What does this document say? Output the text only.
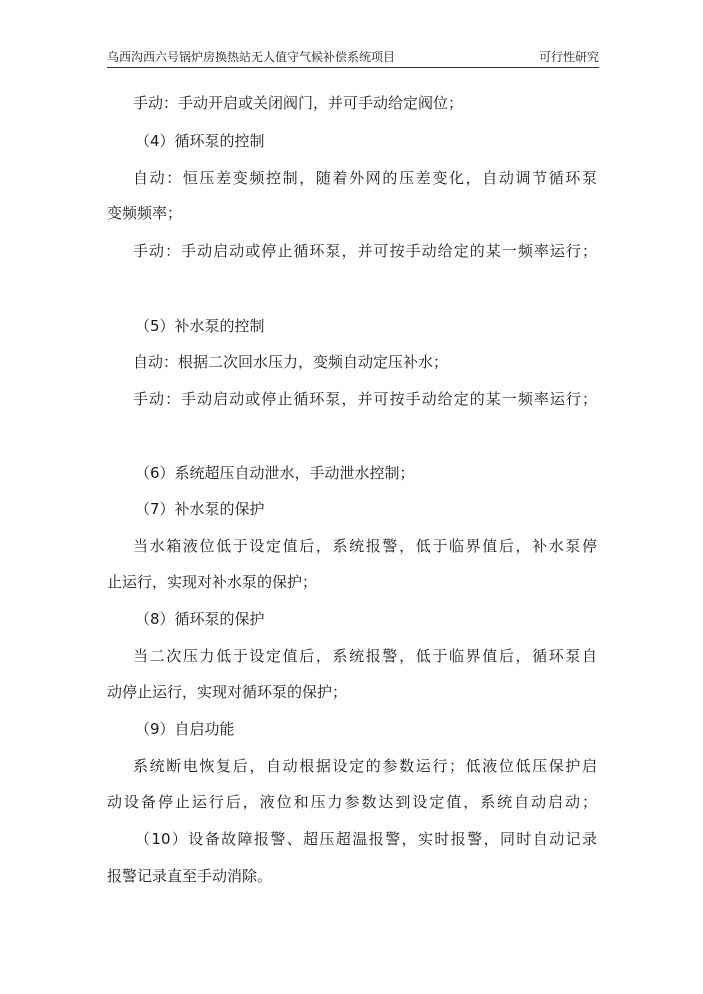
乌西沟西六号锅炉房换热站无人值守气候补偿系统项目	可行性研究
手动：手动开启或关闭阀门，并可手动给定阀位；
（4）循环泵的控制
自动：恒压差变频控制，随着外网的压差变化，自动调节循环泵
变频频率；
手动：手动启动或停止循环泵，并可按手动给定的某一频率运行；
（5）补水泵的控制
自动：根据二次回水压力，变频自动定压补水；
手动：手动启动或停止循环泵，并可按手动给定的某一频率运行；
（6）系统超压自动泄水，手动泄水控制；
（7）补水泵的保护
当水箱液位低于设定值后，系统报警，低于临界值后，补水泵停
止运行，实现对补水泵的保护；
（8）循环泵的保护
当二次压力低于设定值后，系统报警，低于临界值后，循环泵自
动停止运行，实现对循环泵的保护；
（9）自启功能
系统断电恢复后，自动根据设定的参数运行；低液位低压保护启
动设备停止运行后，液位和压力参数达到设定值，系统自动启动；
（10）设备故障报警、超压超温报警，实时报警，同时自动记录
报警记录直至手动消除。
